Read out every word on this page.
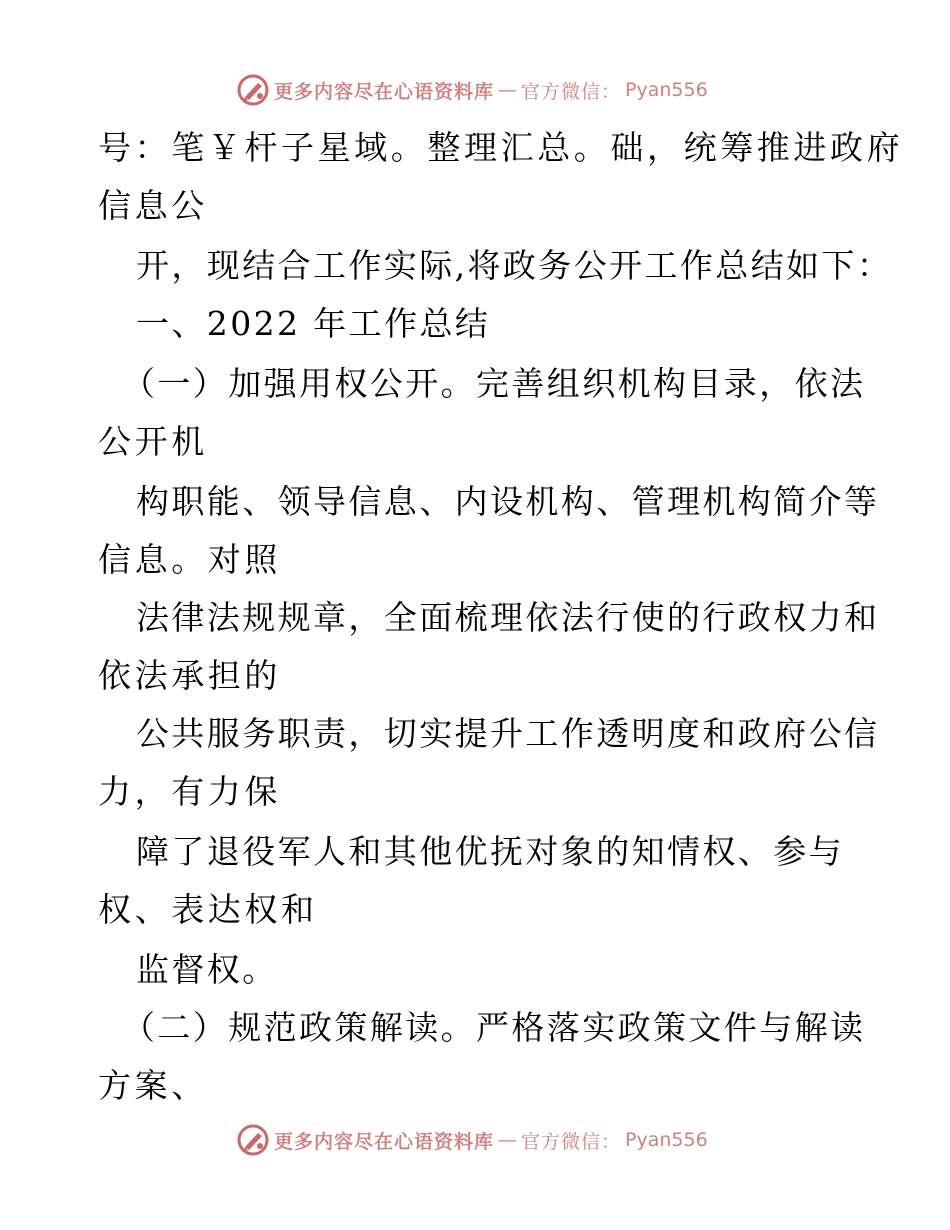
更多内容尽在心语资料库 — 官方微信： Pyan556
号：笔￥杆子星域。整理汇总。础，统筹推进政府
信息公
开，现结合工作实际,将政务公开工作总结如下：
一、2022 年工作总结
（一）加强用权公开。完善组织机构目录，依法
公开机
构职能、领导信息、内设机构、管理机构简介等
信息。对照
法律法规规章，全面梳理依法行使的行政权力和
依法承担的
公共服务职责，切实提升工作透明度和政府公信
力，有力保
障了退役军人和其他优抚对象的知情权、参与
权、表达权和
监督权。
（二）规范政策解读。严格落实政策文件与解读
方案、
更多内容尽在心语资料库 — 官方微信： Pyan556
